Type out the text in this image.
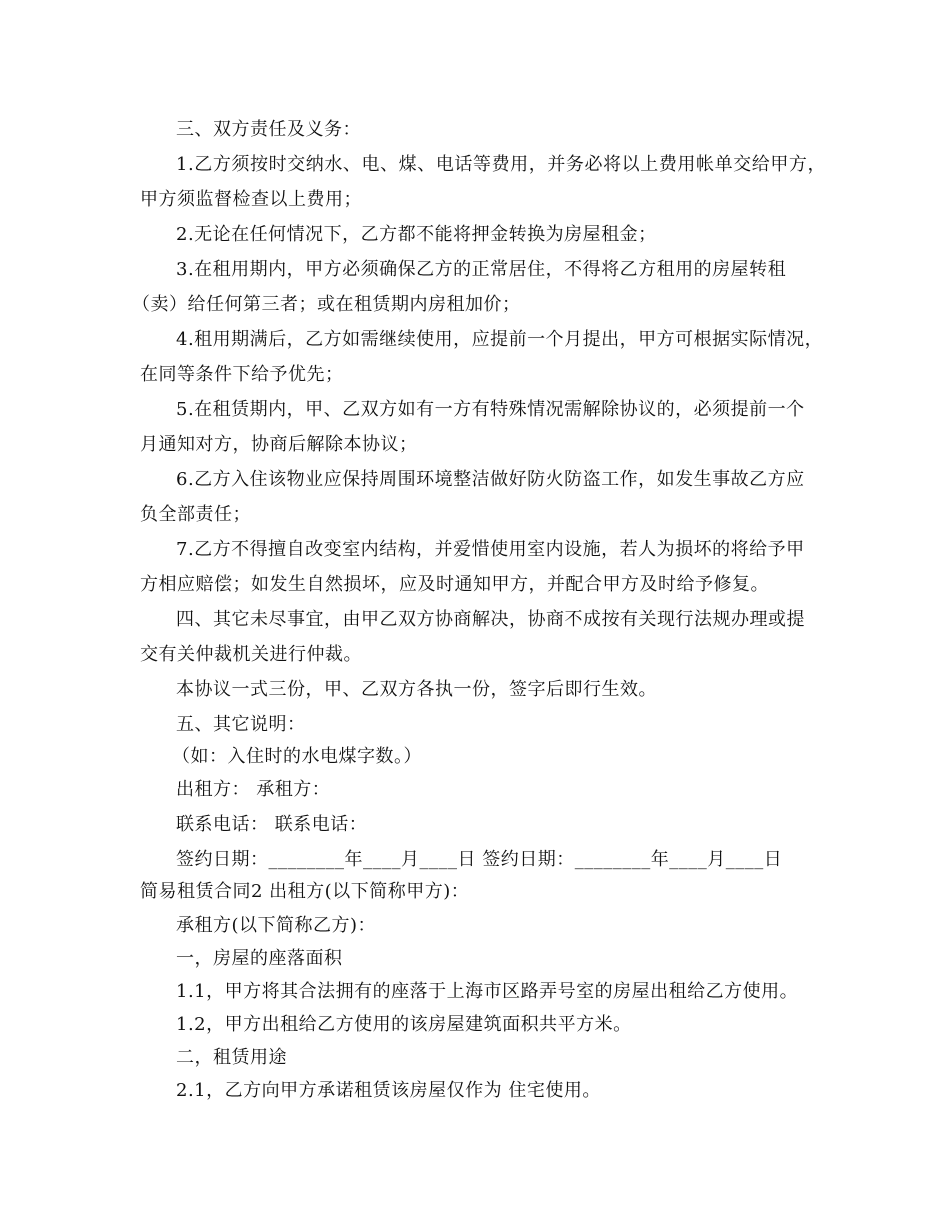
三、双方责任及义务：
1.乙方须按时交纳水、电、煤、电话等费用，并务必将以上费用帐单交给甲方，
甲方须监督检查以上费用；
2.无论在任何情况下，乙方都不能将押金转换为房屋租金；
3.在租用期内，甲方必须确保乙方的正常居住，不得将乙方租用的房屋转租
（卖）给任何第三者；或在租赁期内房租加价；
4.租用期满后，乙方如需继续使用，应提前一个月提出，甲方可根据实际情况，
在同等条件下给予优先；
5.在租赁期内，甲、乙双方如有一方有特殊情况需解除协议的，必须提前一个
月通知对方，协商后解除本协议；
6.乙方入住该物业应保持周围环境整洁做好防火防盗工作，如发生事故乙方应
负全部责任；
7.乙方不得擅自改变室内结构，并爱惜使用室内设施，若人为损坏的将给予甲
方相应赔偿；如发生自然损坏，应及时通知甲方，并配合甲方及时给予修复。
四、其它未尽事宜，由甲乙双方协商解决，协商不成按有关现行法规办理或提
交有关仲裁机关进行仲裁。
本协议一式三份，甲、乙双方各执一份，签字后即行生效。
五、其它说明：
（如：入住时的水电煤字数。）
出租方： 承租方：
联系电话： 联系电话：
签约日期：________年____月____日 签约日期：________年____月____日
简易租赁合同2 出租方(以下简称甲方)：
承租方(以下简称乙方)：
一，房屋的座落面积
1.1，甲方将其合法拥有的座落于上海市区路弄号室的房屋出租给乙方使用。
1.2，甲方出租给乙方使用的该房屋建筑面积共平方米。
二，租赁用途
2.1，乙方向甲方承诺租赁该房屋仅作为 住宅使用。
